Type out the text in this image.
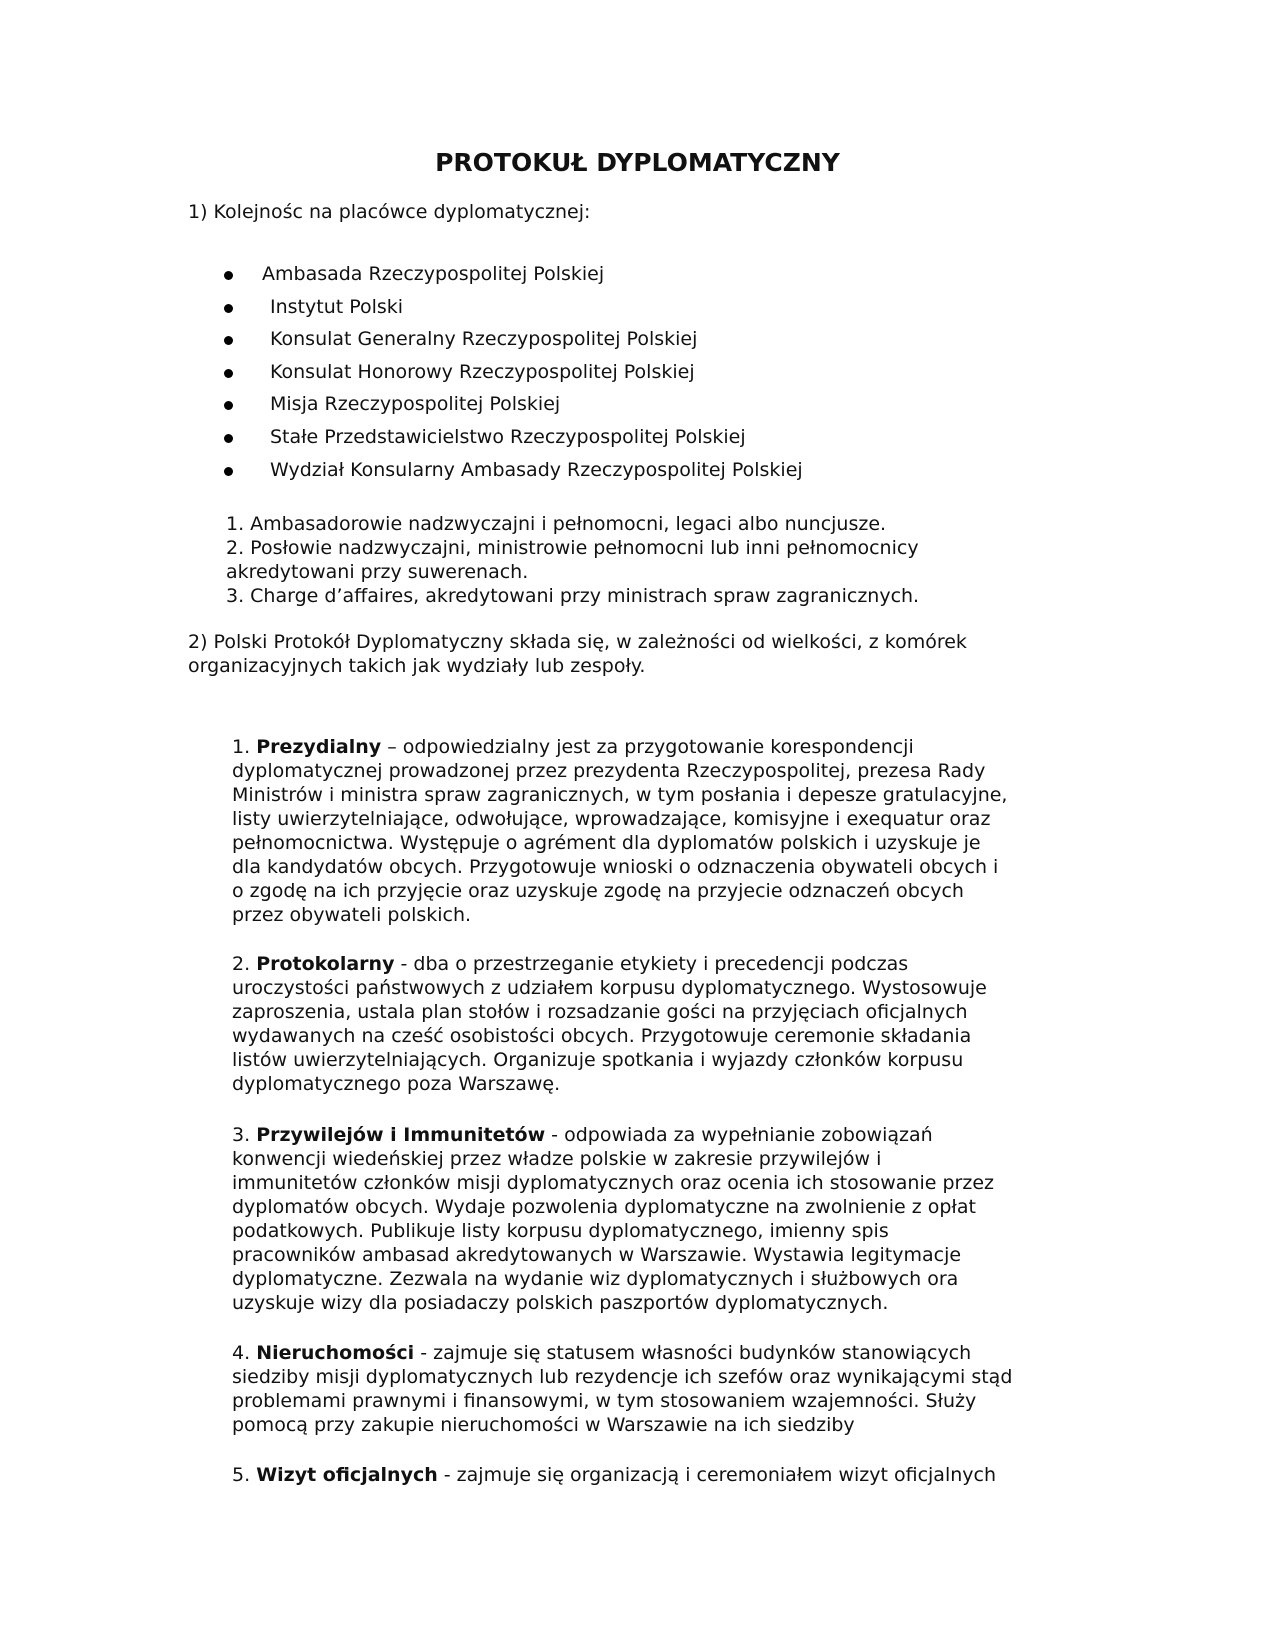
PROTOKUŁ DYPLOMATYCZNY
1) Kolejnośc na placówce dyplomatycznej:
Ambasada Rzeczypospolitej Polskiej
Instytut Polski
Konsulat Generalny Rzeczypospolitej Polskiej
Konsulat Honorowy Rzeczypospolitej Polskiej
Misja Rzeczypospolitej Polskiej
Stałe Przedstawicielstwo Rzeczypospolitej Polskiej
Wydział Konsularny Ambasady Rzeczypospolitej Polskiej
1. Ambasadorowie nadzwyczajni i pełnomocni, legaci albo nuncjusze.
2. Posłowie nadzwyczajni, ministrowie pełnomocni lub inni pełnomocnicy
akredytowani przy suwerenach.
3. Charge d’affaires, akredytowani przy ministrach spraw zagranicznych.
2) Polski Protokół Dyplomatyczny składa się, w zależności od wielkości, z komórek
organizacyjnych takich jak wydziały lub zespoły.
1. Prezydialny – odpowiedzialny jest za przygotowanie korespondencji
dyplomatycznej prowadzonej przez prezydenta Rzeczypospolitej, prezesa Rady
Ministrów i ministra spraw zagranicznych, w tym posłania i depesze gratulacyjne,
listy uwierzytelniające, odwołujące, wprowadzające, komisyjne i exequatur oraz
pełnomocnictwa. Występuje o agrément dla dyplomatów polskich i uzyskuje je
dla kandydatów obcych. Przygotowuje wnioski o odznaczenia obywateli obcych i
o zgodę na ich przyjęcie oraz uzyskuje zgodę na przyjecie odznaczeń obcych
przez obywateli polskich.
2. Protokolarny - dba o przestrzeganie etykiety i precedencji podczas
uroczystości państwowych z udziałem korpusu dyplomatycznego. Wystosowuje
zaproszenia, ustala plan stołów i rozsadzanie gości na przyjęciach oficjalnych
wydawanych na cześć osobistości obcych. Przygotowuje ceremonie składania
listów uwierzytelniających. Organizuje spotkania i wyjazdy członków korpusu
dyplomatycznego poza Warszawę.
3. Przywilejów i Immunitetów - odpowiada za wypełnianie zobowiązań
konwencji wiedeńskiej przez władze polskie w zakresie przywilejów i
immunitetów członków misji dyplomatycznych oraz ocenia ich stosowanie przez
dyplomatów obcych. Wydaje pozwolenia dyplomatyczne na zwolnienie z opłat
podatkowych. Publikuje listy korpusu dyplomatycznego, imienny spis
pracowników ambasad akredytowanych w Warszawie. Wystawia legitymacje
dyplomatyczne. Zezwala na wydanie wiz dyplomatycznych i służbowych ora
uzyskuje wizy dla posiadaczy polskich paszportów dyplomatycznych.
4. Nieruchomości - zajmuje się statusem własności budynków stanowiących
siedziby misji dyplomatycznych lub rezydencje ich szefów oraz wynikającymi stąd
problemami prawnymi i finansowymi, w tym stosowaniem wzajemności. Służy
pomocą przy zakupie nieruchomości w Warszawie na ich siedziby
5. Wizyt oficjalnych - zajmuje się organizacją i ceremoniałem wizyt oficjalnych
